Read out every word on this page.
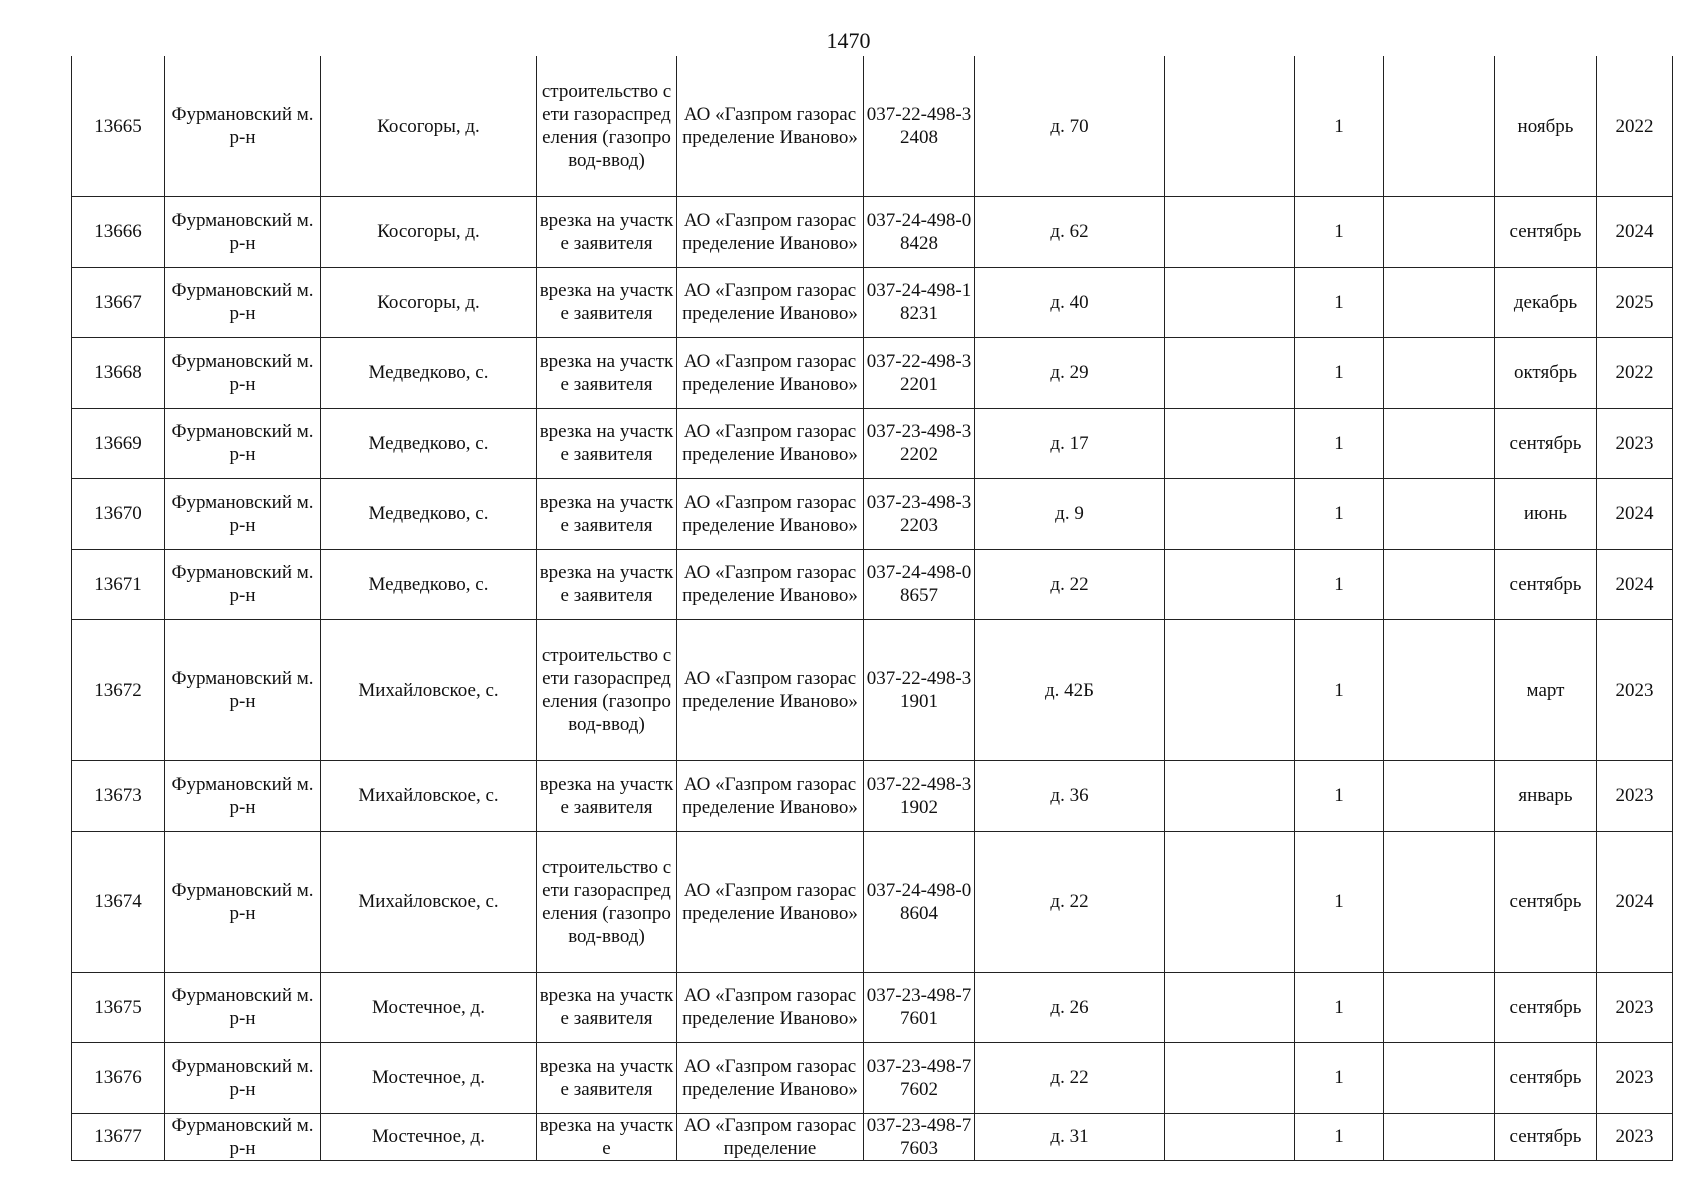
1470
13665	Фурмановский м.р-н	Косогоры, д.	строительство сети газораспределения (газопровод-ввод)	АО «Газпром газораспределение Иваново»	037-22-498-32408	д. 70		1		ноябрь	2022
13666	Фурмановский м.р-н	Косогоры, д.	врезка на участке заявителя	АО «Газпром газораспределение Иваново»	037-24-498-08428	д. 62		1		сентябрь	2024
13667	Фурмановский м.р-н	Косогоры, д.	врезка на участке заявителя	АО «Газпром газораспределение Иваново»	037-24-498-18231	д. 40		1		декабрь	2025
13668	Фурмановский м.р-н	Медведково, с.	врезка на участке заявителя	АО «Газпром газораспределение Иваново»	037-22-498-32201	д. 29		1		октябрь	2022
13669	Фурмановский м.р-н	Медведково, с.	врезка на участке заявителя	АО «Газпром газораспределение Иваново»	037-23-498-32202	д. 17		1		сентябрь	2023
13670	Фурмановский м.р-н	Медведково, с.	врезка на участке заявителя	АО «Газпром газораспределение Иваново»	037-23-498-32203	д. 9		1		июнь	2024
13671	Фурмановский м.р-н	Медведково, с.	врезка на участке заявителя	АО «Газпром газораспределение Иваново»	037-24-498-08657	д. 22		1		сентябрь	2024
13672	Фурмановский м.р-н	Михайловское, с.	строительство сети газораспределения (газопровод-ввод)	АО «Газпром газораспределение Иваново»	037-22-498-31901	д. 42Б		1		март	2023
13673	Фурмановский м.р-н	Михайловское, с.	врезка на участке заявителя	АО «Газпром газораспределение Иваново»	037-22-498-31902	д. 36		1		январь	2023
13674	Фурмановский м.р-н	Михайловское, с.	строительство сети газораспределения (газопровод-ввод)	АО «Газпром газораспределение Иваново»	037-24-498-08604	д. 22		1		сентябрь	2024
13675	Фурмановский м.р-н	Мостечное, д.	врезка на участке заявителя	АО «Газпром газораспределение Иваново»	037-23-498-77601	д. 26		1		сентябрь	2023
13676	Фурмановский м.р-н	Мостечное, д.	врезка на участке заявителя	АО «Газпром газораспределение Иваново»	037-23-498-77602	д. 22		1		сентябрь	2023

13677	Фурмановский м.р-н	Мостечное, д.	врезка на участке	АО «Газпром газораспределение	037-23-498-77603	д. 31		1		сентябрь	2023
